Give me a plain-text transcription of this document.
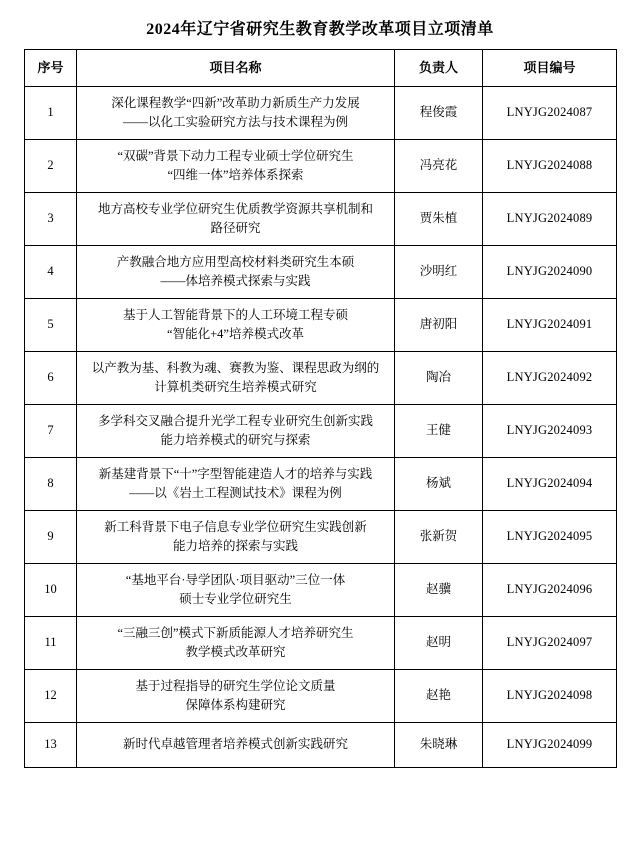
2024年辽宁省研究生教育教学改革项目立项清单
序号	项目名称	负责人	项目编号
1	深化课程教学“四新”改革助力新质生产力发展
——以化工实验研究方法与技术课程为例	程俊霞	LNYJG2024087
2	“双碳”背景下动力工程专业硕士学位研究生
“四维一体”培养体系探索	冯亮花	LNYJG2024088
3	地方高校专业学位研究生优质教学资源共享机制和
路径研究	贾朱植	LNYJG2024089
4	产教融合地方应用型高校材料类研究生本硕
——体培养模式探索与实践	沙明红	LNYJG2024090
5	基于人工智能背景下的人工环境工程专硕
“智能化+4”培养模式改革	唐初阳	LNYJG2024091
6	以产教为基、科教为魂、赛教为鉴、课程思政为纲的
计算机类研究生培养模式研究	陶冶	LNYJG2024092
7	多学科交叉融合提升光学工程专业研究生创新实践
能力培养模式的研究与探索	王健	LNYJG2024093
8	新基建背景下“十”字型智能建造人才的培养与实践
——以《岩土工程测试技术》课程为例	杨斌	LNYJG2024094
9	新工科背景下电子信息专业学位研究生实践创新
能力培养的探索与实践	张新贺	LNYJG2024095
10	“基地平台·导学团队·项目驱动”三位一体
硕士专业学位研究生	赵骥	LNYJG2024096
11	“三融三创”模式下新质能源人才培养研究生
教学模式改革研究	赵明	LNYJG2024097
12	基于过程指导的研究生学位论文质量
保障体系构建研究	赵艳	LNYJG2024098
13	新时代卓越管理者培养模式创新实践研究	朱晓琳	LNYJG2024099
